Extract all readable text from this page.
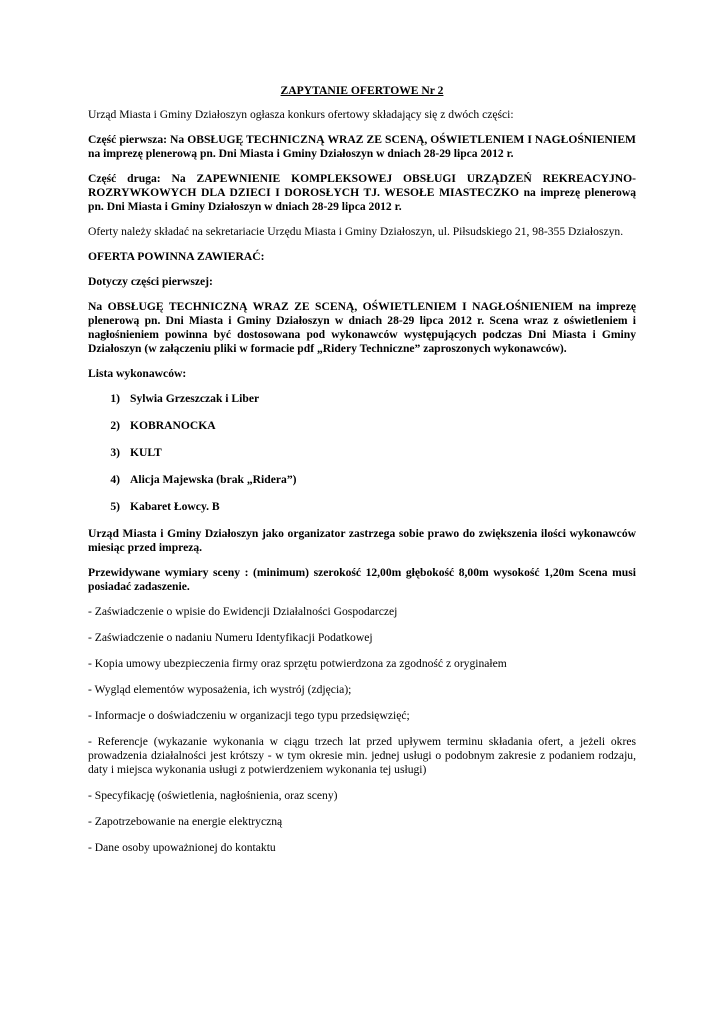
ZAPYTANIE OFERTOWE Nr 2

Urząd Miasta i Gminy Działoszyn ogłasza konkurs ofertowy składający się z dwóch części:

Część pierwsza: Na OBSŁUGĘ TECHNICZNĄ WRAZ ZE SCENĄ, OŚWIETLENIEM I NAGŁOŚNIENIEM na imprezę plenerową pn. Dni Miasta i Gminy Działoszyn w dniach 28-29 lipca 2012 r.

Część druga: Na ZAPEWNIENIE KOMPLEKSOWEJ OBSŁUGI URZĄDZEŃ REKREACYJNO-ROZRYWKOWYCH DLA DZIECI I DOROSŁYCH TJ. WESOŁE MIASTECZKO na imprezę plenerową pn. Dni Miasta i Gminy Działoszyn w dniach 28-29 lipca 2012 r.

Oferty należy składać na sekretariacie Urzędu Miasta i Gminy Działoszyn, ul. Piłsudskiego 21, 98-355 Działoszyn.

OFERTA POWINNA ZAWIERAĆ:

Dotyczy części pierwszej:

Na OBSŁUGĘ TECHNICZNĄ WRAZ ZE SCENĄ, OŚWIETLENIEM I NAGŁOŚNIENIEM na imprezę plenerową pn. Dni Miasta i Gminy Działoszyn w dniach 28-29 lipca 2012 r. Scena wraz z oświetleniem i nagłośnieniem powinna być dostosowana pod wykonawców występujących podczas Dni Miasta i Gminy Działoszyn (w załączeniu pliki w formacie pdf „Ridery Techniczne” zaproszonych wykonawców).

Lista wykonawców:

1) Sylwia Grzeszczak i Liber
2) KOBRANOCKA
3) KULT
4) Alicja Majewska (brak „Ridera”)
5) Kabaret Łowcy. B

Urząd Miasta i Gminy Działoszyn jako organizator zastrzega sobie prawo do zwiększenia ilości wykonawców miesiąc przed imprezą.

Przewidywane wymiary sceny : (minimum) szerokość 12,00m głębokość 8,00m wysokość 1,20m Scena musi posiadać zadaszenie.

- Zaświadczenie o wpisie do Ewidencji Działalności Gospodarczej

- Zaświadczenie o nadaniu Numeru Identyfikacji Podatkowej

- Kopia umowy ubezpieczenia firmy oraz sprzętu potwierdzona za zgodność z oryginałem

- Wygląd elementów wyposażenia, ich wystrój (zdjęcia);

- Informacje o doświadczeniu w organizacji tego typu przedsięwzięć;

- Referencje (wykazanie wykonania w ciągu trzech lat przed upływem terminu składania ofert, a jeżeli okres prowadzenia działalności jest krótszy - w tym okresie min. jednej usługi o podobnym zakresie z podaniem rodzaju, daty i miejsca wykonania usługi z potwierdzeniem wykonania tej usługi)

- Specyfikację (oświetlenia, nagłośnienia, oraz sceny)

- Zapotrzebowanie na energie elektryczną

- Dane osoby upoważnionej do kontaktu
